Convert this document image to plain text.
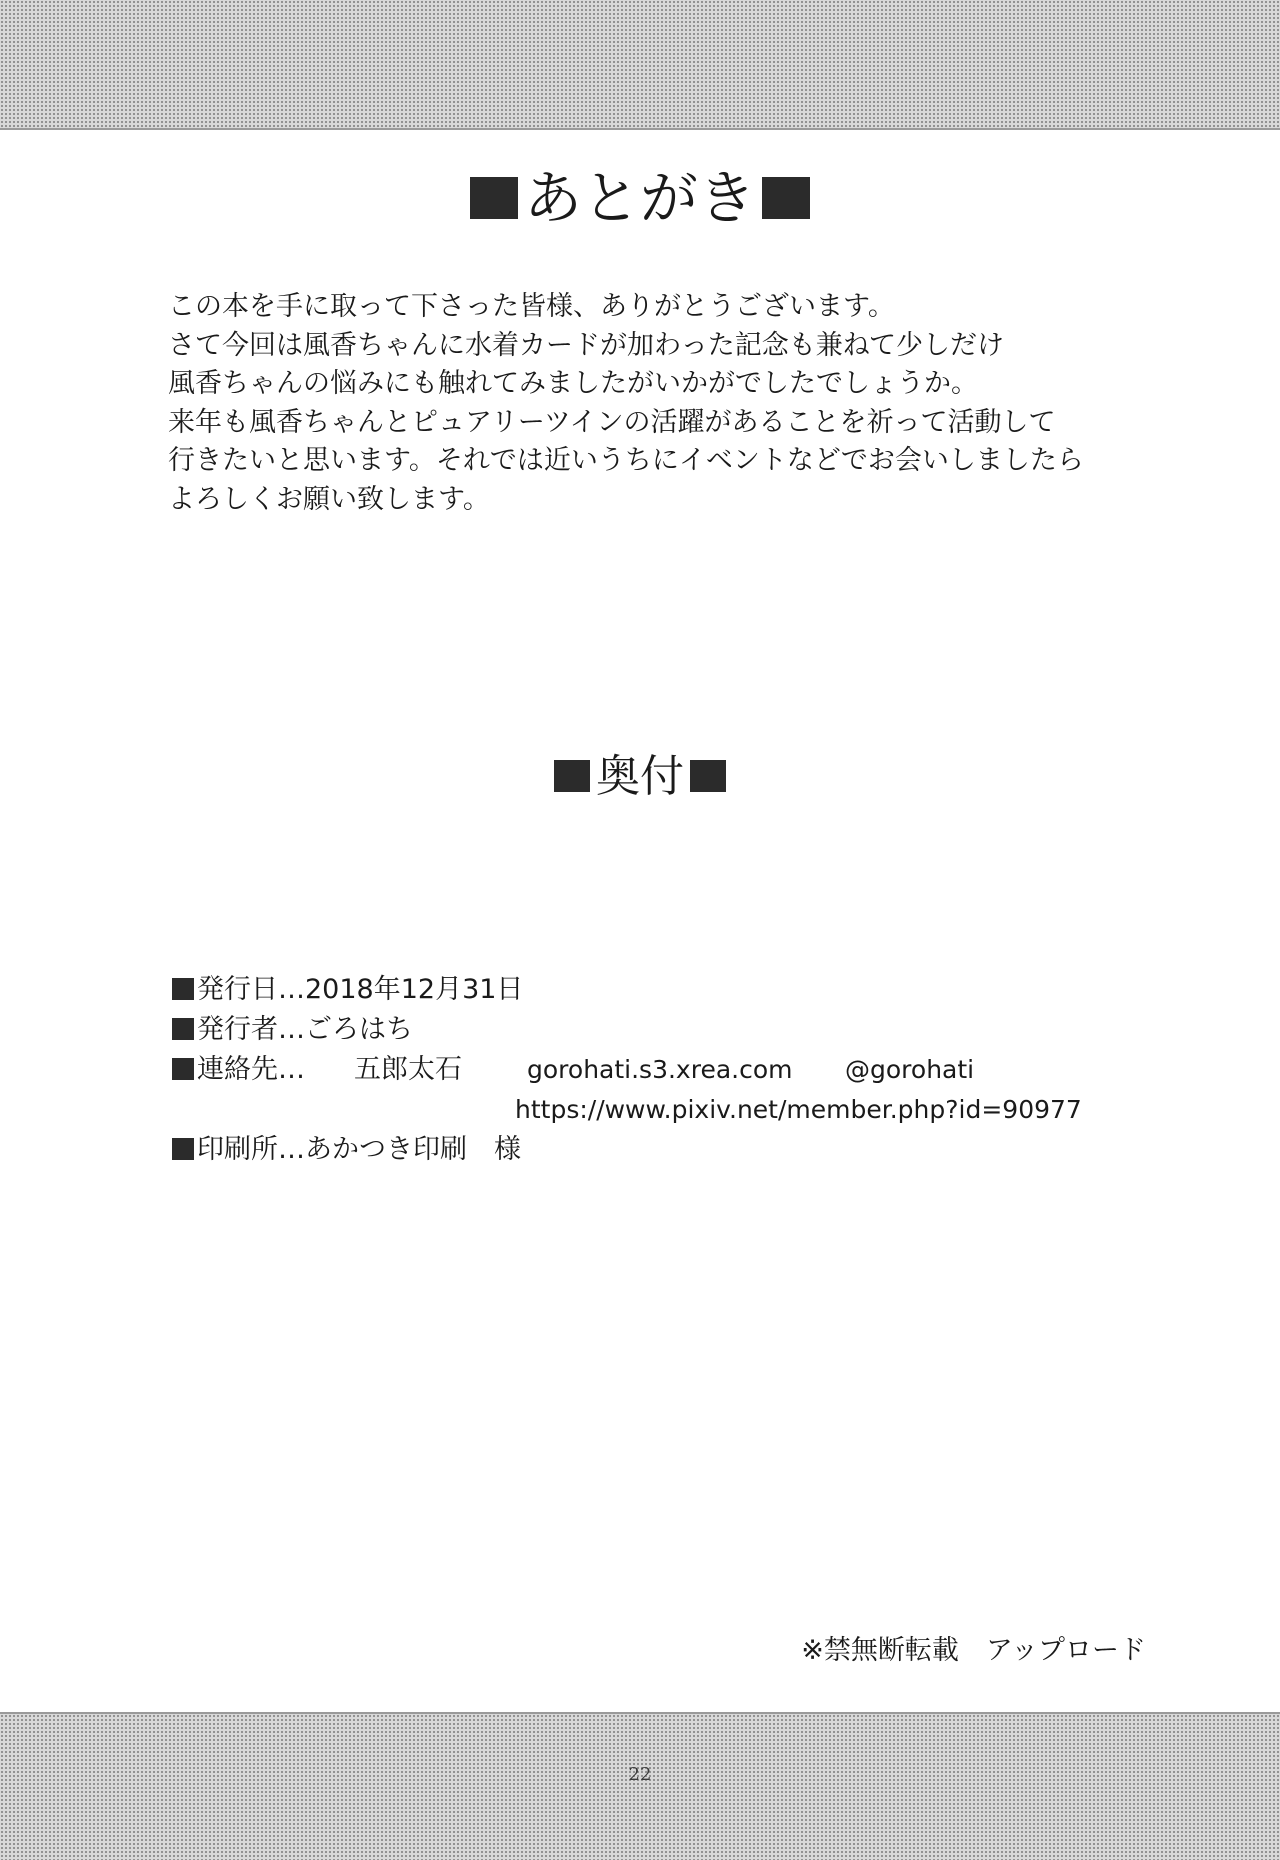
あとがき
この本を手に取って下さった皆様、ありがとうございます。
さて今回は風香ちゃんに水着カードが加わった記念も兼ねて少しだけ
風香ちゃんの悩みにも触れてみましたがいかがでしたでしょうか。
来年も風香ちゃんとピュアリーツインの活躍があることを祈って活動して
行きたいと思います。それでは近いうちにイベントなどでお会いしましたら
よろしくお願い致します。
奥付
発行日…2018年12月31日
発行者…ごろはち
連絡先… 五郎太石	gorohati.s3.xrea.com @gorohati
https://www.pixiv.net/member.php?id=90977
印刷所…あかつき印刷　様
※禁無断転載　アップロード
22
